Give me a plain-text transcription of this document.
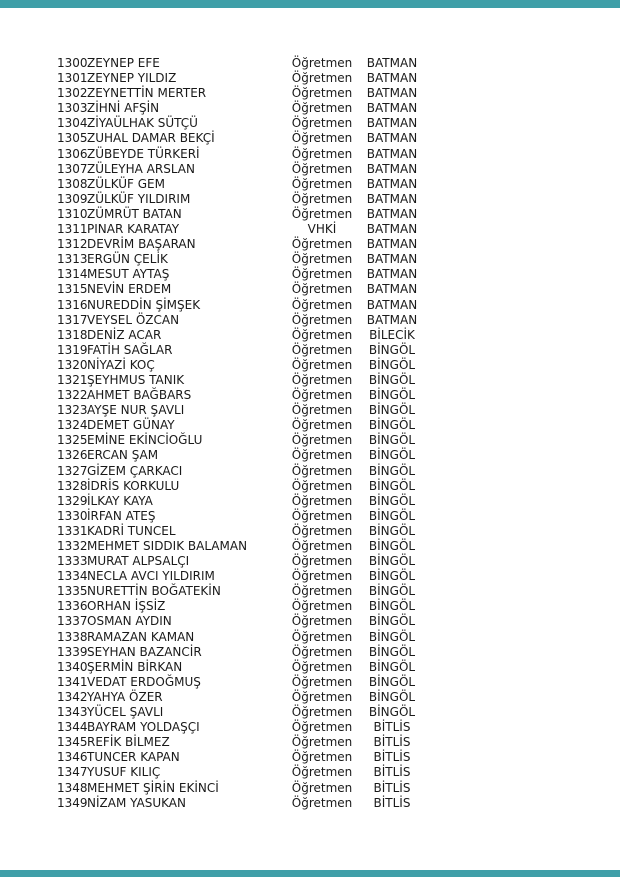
1300 ZEYNEP EFE	Öğretmen	BATMAN
1301 ZEYNEP YILDIZ	Öğretmen	BATMAN
1302 ZEYNETTİN MERTER	Öğretmen	BATMAN
1303 ZİHNİ AFŞİN	Öğretmen	BATMAN
1304 ZİYAÜLHAK SÜTÇÜ	Öğretmen	BATMAN
1305 ZUHAL DAMAR BEKÇİ	Öğretmen	BATMAN
1306 ZÜBEYDE TÜRKERİ	Öğretmen	BATMAN
1307 ZÜLEYHA ARSLAN	Öğretmen	BATMAN
1308 ZÜLKÜF GEM	Öğretmen	BATMAN
1309 ZÜLKÜF YILDIRIM	Öğretmen	BATMAN
1310 ZÜMRÜT BATAN	Öğretmen	BATMAN
1311 PINAR KARATAY	VHKİ	BATMAN
1312 DEVRİM BAŞARAN	Öğretmen	BATMAN
1313 ERGÜN ÇELİK	Öğretmen	BATMAN
1314 MESUT AYTAŞ	Öğretmen	BATMAN
1315 NEVİN ERDEM	Öğretmen	BATMAN
1316 NUREDDİN ŞİMŞEK	Öğretmen	BATMAN
1317 VEYSEL ÖZCAN	Öğretmen	BATMAN
1318 DENİZ ACAR	Öğretmen	BİLECİK
1319 FATİH SAĞLAR	Öğretmen	BİNGÖL
1320 NİYAZİ KOÇ	Öğretmen	BİNGÖL
1321 ŞEYHMUS TANIK	Öğretmen	BİNGÖL
1322 AHMET BAĞBARS	Öğretmen	BİNGÖL
1323 AYŞE NUR ŞAVLI	Öğretmen	BİNGÖL
1324 DEMET GÜNAY	Öğretmen	BİNGÖL
1325 EMİNE EKİNCİOĞLU	Öğretmen	BİNGÖL
1326 ERCAN ŞAM	Öğretmen	BİNGÖL
1327 GİZEM ÇARKACI	Öğretmen	BİNGÖL
1328 İDRİS KORKULU	Öğretmen	BİNGÖL
1329 İLKAY KAYA	Öğretmen	BİNGÖL
1330 İRFAN ATEŞ	Öğretmen	BİNGÖL
1331 KADRİ TUNCEL	Öğretmen	BİNGÖL
1332 MEHMET SIDDIK BALAMAN	Öğretmen	BİNGÖL
1333 MURAT ALPSALÇI	Öğretmen	BİNGÖL
1334 NECLA AVCI YILDIRIM	Öğretmen	BİNGÖL
1335 NURETTİN BOĞATEKİN	Öğretmen	BİNGÖL
1336 ORHAN İŞSİZ	Öğretmen	BİNGÖL
1337 OSMAN AYDIN	Öğretmen	BİNGÖL
1338 RAMAZAN KAMAN	Öğretmen	BİNGÖL
1339 SEYHAN BAZANCİR	Öğretmen	BİNGÖL
1340 ŞERMİN BİRKAN	Öğretmen	BİNGÖL
1341 VEDAT ERDOĞMUŞ	Öğretmen	BİNGÖL
1342 YAHYA ÖZER	Öğretmen	BİNGÖL
1343 YÜCEL ŞAVLI	Öğretmen	BİNGÖL
1344 BAYRAM YOLDAŞÇI	Öğretmen	BİTLİS
1345 REFİK BİLMEZ	Öğretmen	BİTLİS
1346 TUNCER KAPAN	Öğretmen	BİTLİS
1347 YUSUF KILIÇ	Öğretmen	BİTLİS
1348 MEHMET ŞİRİN EKİNCİ	Öğretmen	BİTLİS
1349 NİZAM YASUKAN	Öğretmen	BİTLİS
